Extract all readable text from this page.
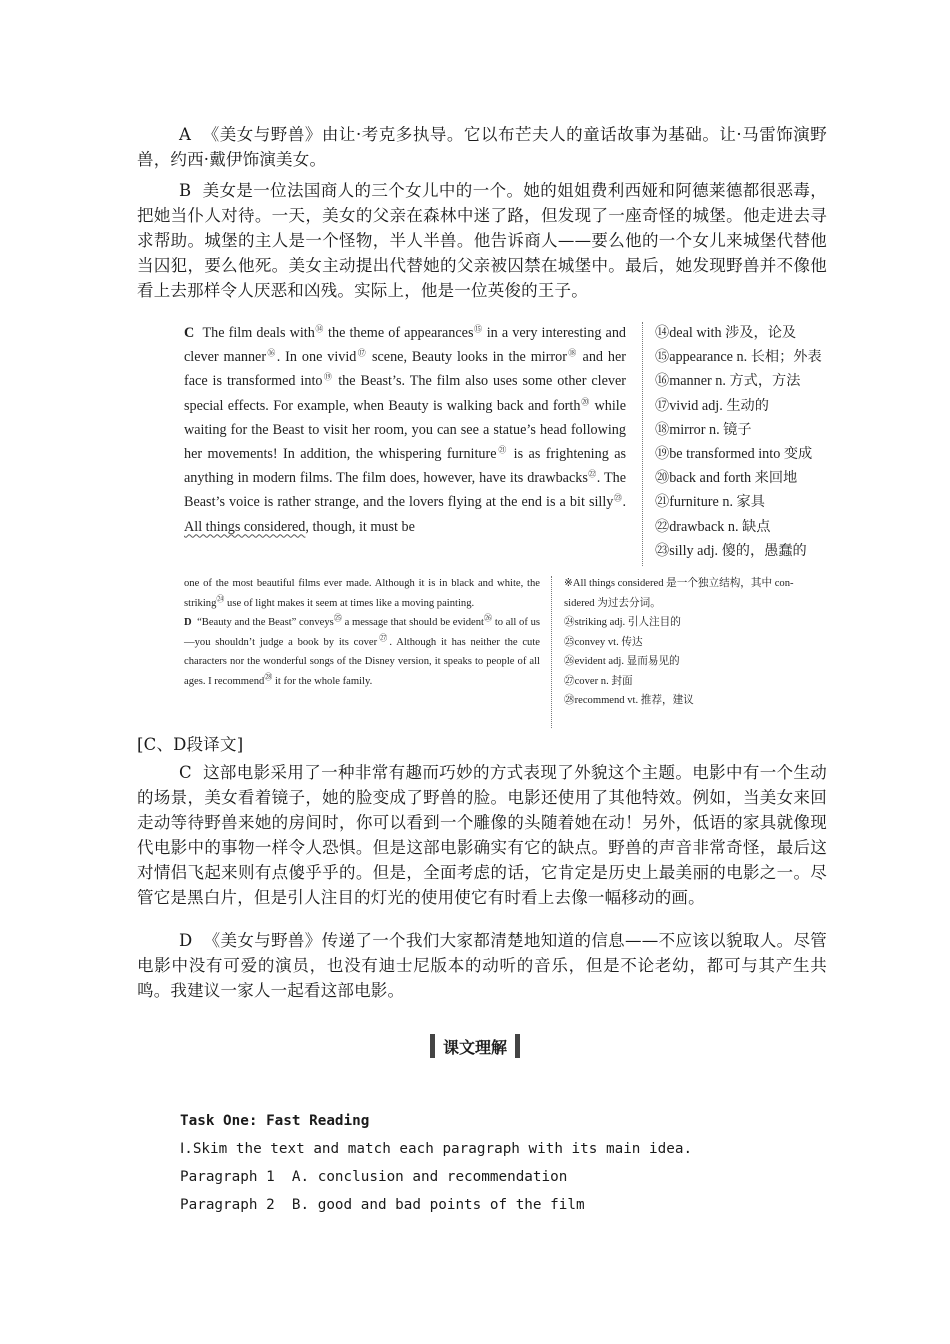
A 《美女与野兽》由让·考克多执导。它以布芒夫人的童话故事为基础。让·马雷饰演野兽，约西·戴伊饰演美女。
B 美女是一位法国商人的三个女儿中的一个。她的姐姐费利西娅和阿德莱德都很恶毒，把她当仆人对待。一天，美女的父亲在森林中迷了路，但发现了一座奇怪的城堡。他走进去寻求帮助。城堡的主人是一个怪物，半人半兽。他告诉商人——要么他的一个女儿来城堡代替他当囚犯，要么他死。美女主动提出代替她的父亲被囚禁在城堡中。最后，她发现野兽并不像他看上去那样令人厌恶和凶残。实际上，他是一位英俊的王子。
C The film deals with⑭ the theme of appearances⑮ in a very interesting and clever manner⑯. In one vivid⑰ scene, Beauty looks in the mirror⑱ and her face is transformed into⑲ the Beast’s. The film also uses some other clever special effects. For example, when Beauty is walking back and forth⑳ while waiting for the Beast to visit her room, you can see a statue’s head following her movements! In addition, the whispering furniture$^㉑$ is as frightening as anything in modern films. The film does, however, have its drawbacks$^㉒$. The Beast’s voice is rather strange, and the lovers flying at the end is a bit silly$^㉓$. All things considered, though, it must be
⑭deal with 涉及，论及
⑮appearance n. 长相；外表
⑯manner n. 方式，方法
⑰vivid adj. 生动的
⑱mirror n. 镜子
⑲be transformed into 变成
⑳back and forth 来回地
㉑furniture n. 家具
㉒drawback n. 缺点
㉓silly adj. 傻的，愚蠢的
one of the most beautiful films ever made. Although it is in black and white, the striking$^㉔$ use of light makes it seem at times like a moving painting.
D “Beauty and the Beast” conveys$^㉕$ a message that should be evident$^㉖$ to all of us—you shouldn’t judge a book by its cover$^㉗$. Although it has neither the cute characters nor the wonderful songs of the Disney version, it speaks to people of all ages. I recommend$^㉘$ it for the whole family.
※All things considered 是一个独立结构，其中 con-
sidered 为过去分词。
㉔striking adj. 引人注目的
㉕convey vt. 传达
㉖evident adj. 显而易见的
㉗cover n. 封面
㉘recommend vt. 推荐，建议
[C、D段译文]
C 这部电影采用了一种非常有趣而巧妙的方式表现了外貌这个主题。电影中有一个生动的场景，美女看着镜子，她的脸变成了野兽的脸。电影还使用了其他特效。例如，当美女来回走动等待野兽来她的房间时，你可以看到一个雕像的头随着她在动！另外，低语的家具就像现代电影中的事物一样令人恐惧。但是这部电影确实有它的缺点。野兽的声音非常奇怪，最后这对情侣飞起来则有点傻乎乎的。但是，全面考虑的话，它肯定是历史上最美丽的电影之一。尽管它是黑白片，但是引人注目的灯光的使用使它有时看上去像一幅移动的画。
D 《美女与野兽》传递了一个我们大家都清楚地知道的信息——不应该以貌取人。尽管电影中没有可爱的演员，也没有迪士尼版本的动听的音乐，但是不论老幼，都可与其产生共鸣。我建议一家人一起看这部电影。
课文理解
Task One: Fast Reading
Ⅰ.Skim the text and match each paragraph with its main idea.
Paragraph 1  A. conclusion and recommendation
Paragraph 2  B. good and bad points of the film
